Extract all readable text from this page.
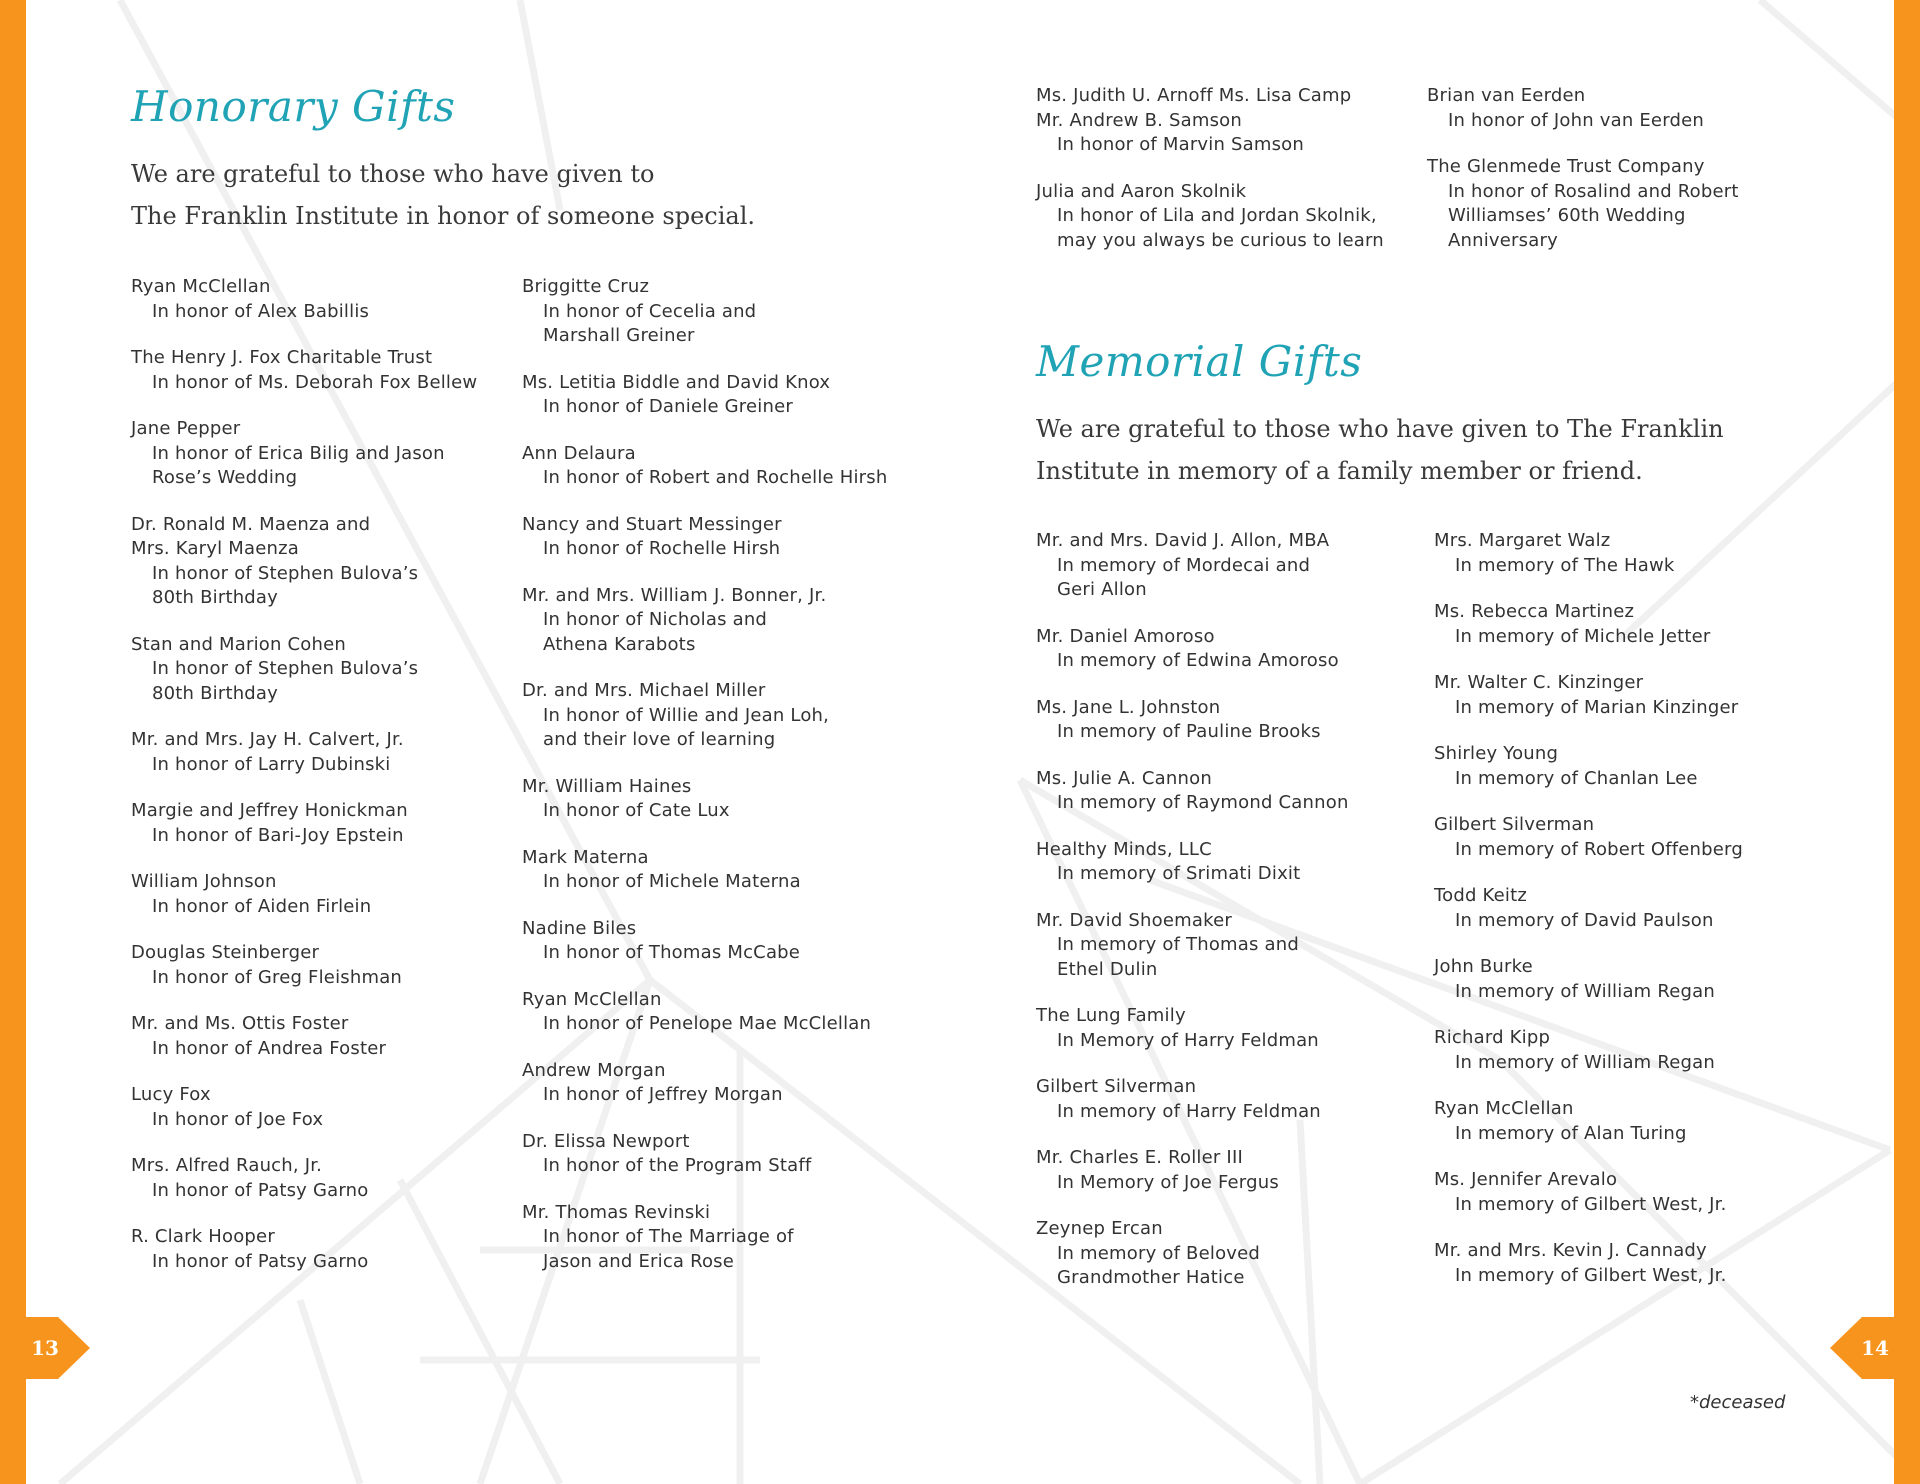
13	14
Honorary Gifts

We are grateful to those who have given to

The Franklin Institute in honor of someone special.

Ryan McClellan
In honor of Alex Babillis
The Henry J. Fox Charitable Trust
In honor of Ms. Deborah Fox Bellew
Jane Pepper
In honor of Erica Bilig and Jason
Rose’s Wedding
Dr. Ronald M. Maenza and
Mrs. Karyl Maenza
In honor of Stephen Bulova’s
80th Birthday
Stan and Marion Cohen
In honor of Stephen Bulova’s
80th Birthday
Mr. and Mrs. Jay H. Calvert, Jr.
In honor of Larry Dubinski
Margie and Jeffrey Honickman
In honor of Bari-Joy Epstein
William Johnson
In honor of Aiden Firlein
Douglas Steinberger
In honor of Greg Fleishman
Mr. and Ms. Ottis Foster
In honor of Andrea Foster
Lucy Fox
In honor of Joe Fox
Mrs. Alfred Rauch, Jr.
In honor of Patsy Garno
R. Clark Hooper
In honor of Patsy Garno
Briggitte Cruz
In honor of Cecelia and
Marshall Greiner
Ms. Letitia Biddle and David Knox
In honor of Daniele Greiner
Ann Delaura
In honor of Robert and Rochelle Hirsh
Nancy and Stuart Messinger
In honor of Rochelle Hirsh
Mr. and Mrs. William J. Bonner, Jr.
In honor of Nicholas and
Athena Karabots
Dr. and Mrs. Michael Miller
In honor of Willie and Jean Loh,
and their love of learning
Mr. William Haines
In honor of Cate Lux
Mark Materna
In honor of Michele Materna
Nadine Biles
In honor of Thomas McCabe
Ryan McClellan
In honor of Penelope Mae McClellan
Andrew Morgan
In honor of Jeffrey Morgan
Dr. Elissa Newport
In honor of the Program Staff
Mr. Thomas Revinski
In honor of The Marriage of
Jason and Erica Rose
Ms. Judith U. Arnoff Ms. Lisa Camp
Mr. Andrew B. Samson
In honor of Marvin Samson
Julia and Aaron Skolnik
In honor of Lila and Jordan Skolnik,
may you always be curious to learn
Brian van Eerden
In honor of John van Eerden
The Glenmede Trust Company
In honor of Rosalind and Robert
Williamses’ 60th Wedding
Anniversary
Memorial Gifts

We are grateful to those who have given to The Franklin

Institute in memory of a family member or friend.

Mr. and Mrs. David J. Allon, MBA
In memory of Mordecai and
Geri Allon
Mr. Daniel Amoroso
In memory of Edwina Amoroso
Ms. Jane L. Johnston
In memory of Pauline Brooks
Ms. Julie A. Cannon
In memory of Raymond Cannon
Healthy Minds, LLC
In memory of Srimati Dixit
Mr. David Shoemaker
In memory of Thomas and
Ethel Dulin
The Lung Family
In Memory of Harry Feldman
Gilbert Silverman
In memory of Harry Feldman
Mr. Charles E. Roller III
In Memory of Joe Fergus
Zeynep Ercan
In memory of Beloved
Grandmother Hatice
Mrs. Margaret Walz
In memory of The Hawk
Ms. Rebecca Martinez
In memory of Michele Jetter
Mr. Walter C. Kinzinger
In memory of Marian Kinzinger
Shirley Young
In memory of Chanlan Lee
Gilbert Silverman
In memory of Robert Offenberg
Todd Keitz
In memory of David Paulson
John Burke
In memory of William Regan
Richard Kipp
In memory of William Regan
Ryan McClellan
In memory of Alan Turing
Ms. Jennifer Arevalo
In memory of Gilbert West, Jr.
Mr. and Mrs. Kevin J. Cannady
In memory of Gilbert West, Jr.
*deceased
